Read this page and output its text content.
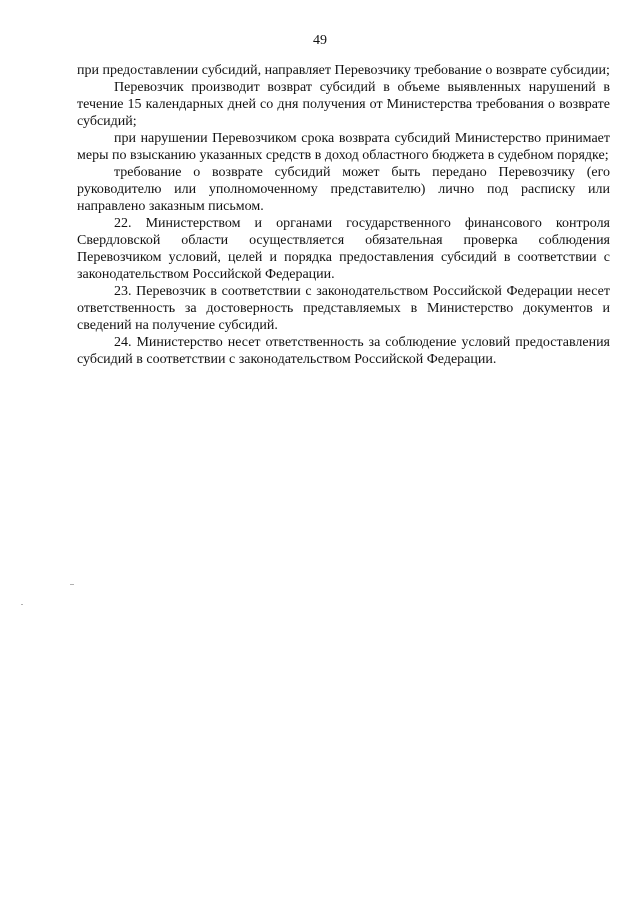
49

при предоставлении субсидий, направляет Перевозчику требование о возврате субсидии;

Перевозчик производит возврат субсидий в объеме выявленных нарушений в течение 15 календарных дней со дня получения от Министерства требования о возврате субсидий;

при нарушении Перевозчиком срока возврата субсидий Министерство принимает меры по взысканию указанных средств в доход областного бюджета в судебном порядке;

требование о возврате субсидий может быть передано Перевозчику (его руководителю или уполномоченному представителю) лично под расписку или направлено заказным письмом.

22. Министерством и органами государственного финансового контроля Свердловской области осуществляется обязательная проверка соблюдения Перевозчиком условий, целей и порядка предоставления субсидий в соответствии с законодательством Российской Федерации.

23. Перевозчик в соответствии с законодательством Российской Федерации несет ответственность за достоверность представляемых в Министерство документов и сведений на получение субсидий.

24. Министерство несет ответственность за соблюдение условий предоставления субсидий в соответствии с законодательством Российской Федерации.
